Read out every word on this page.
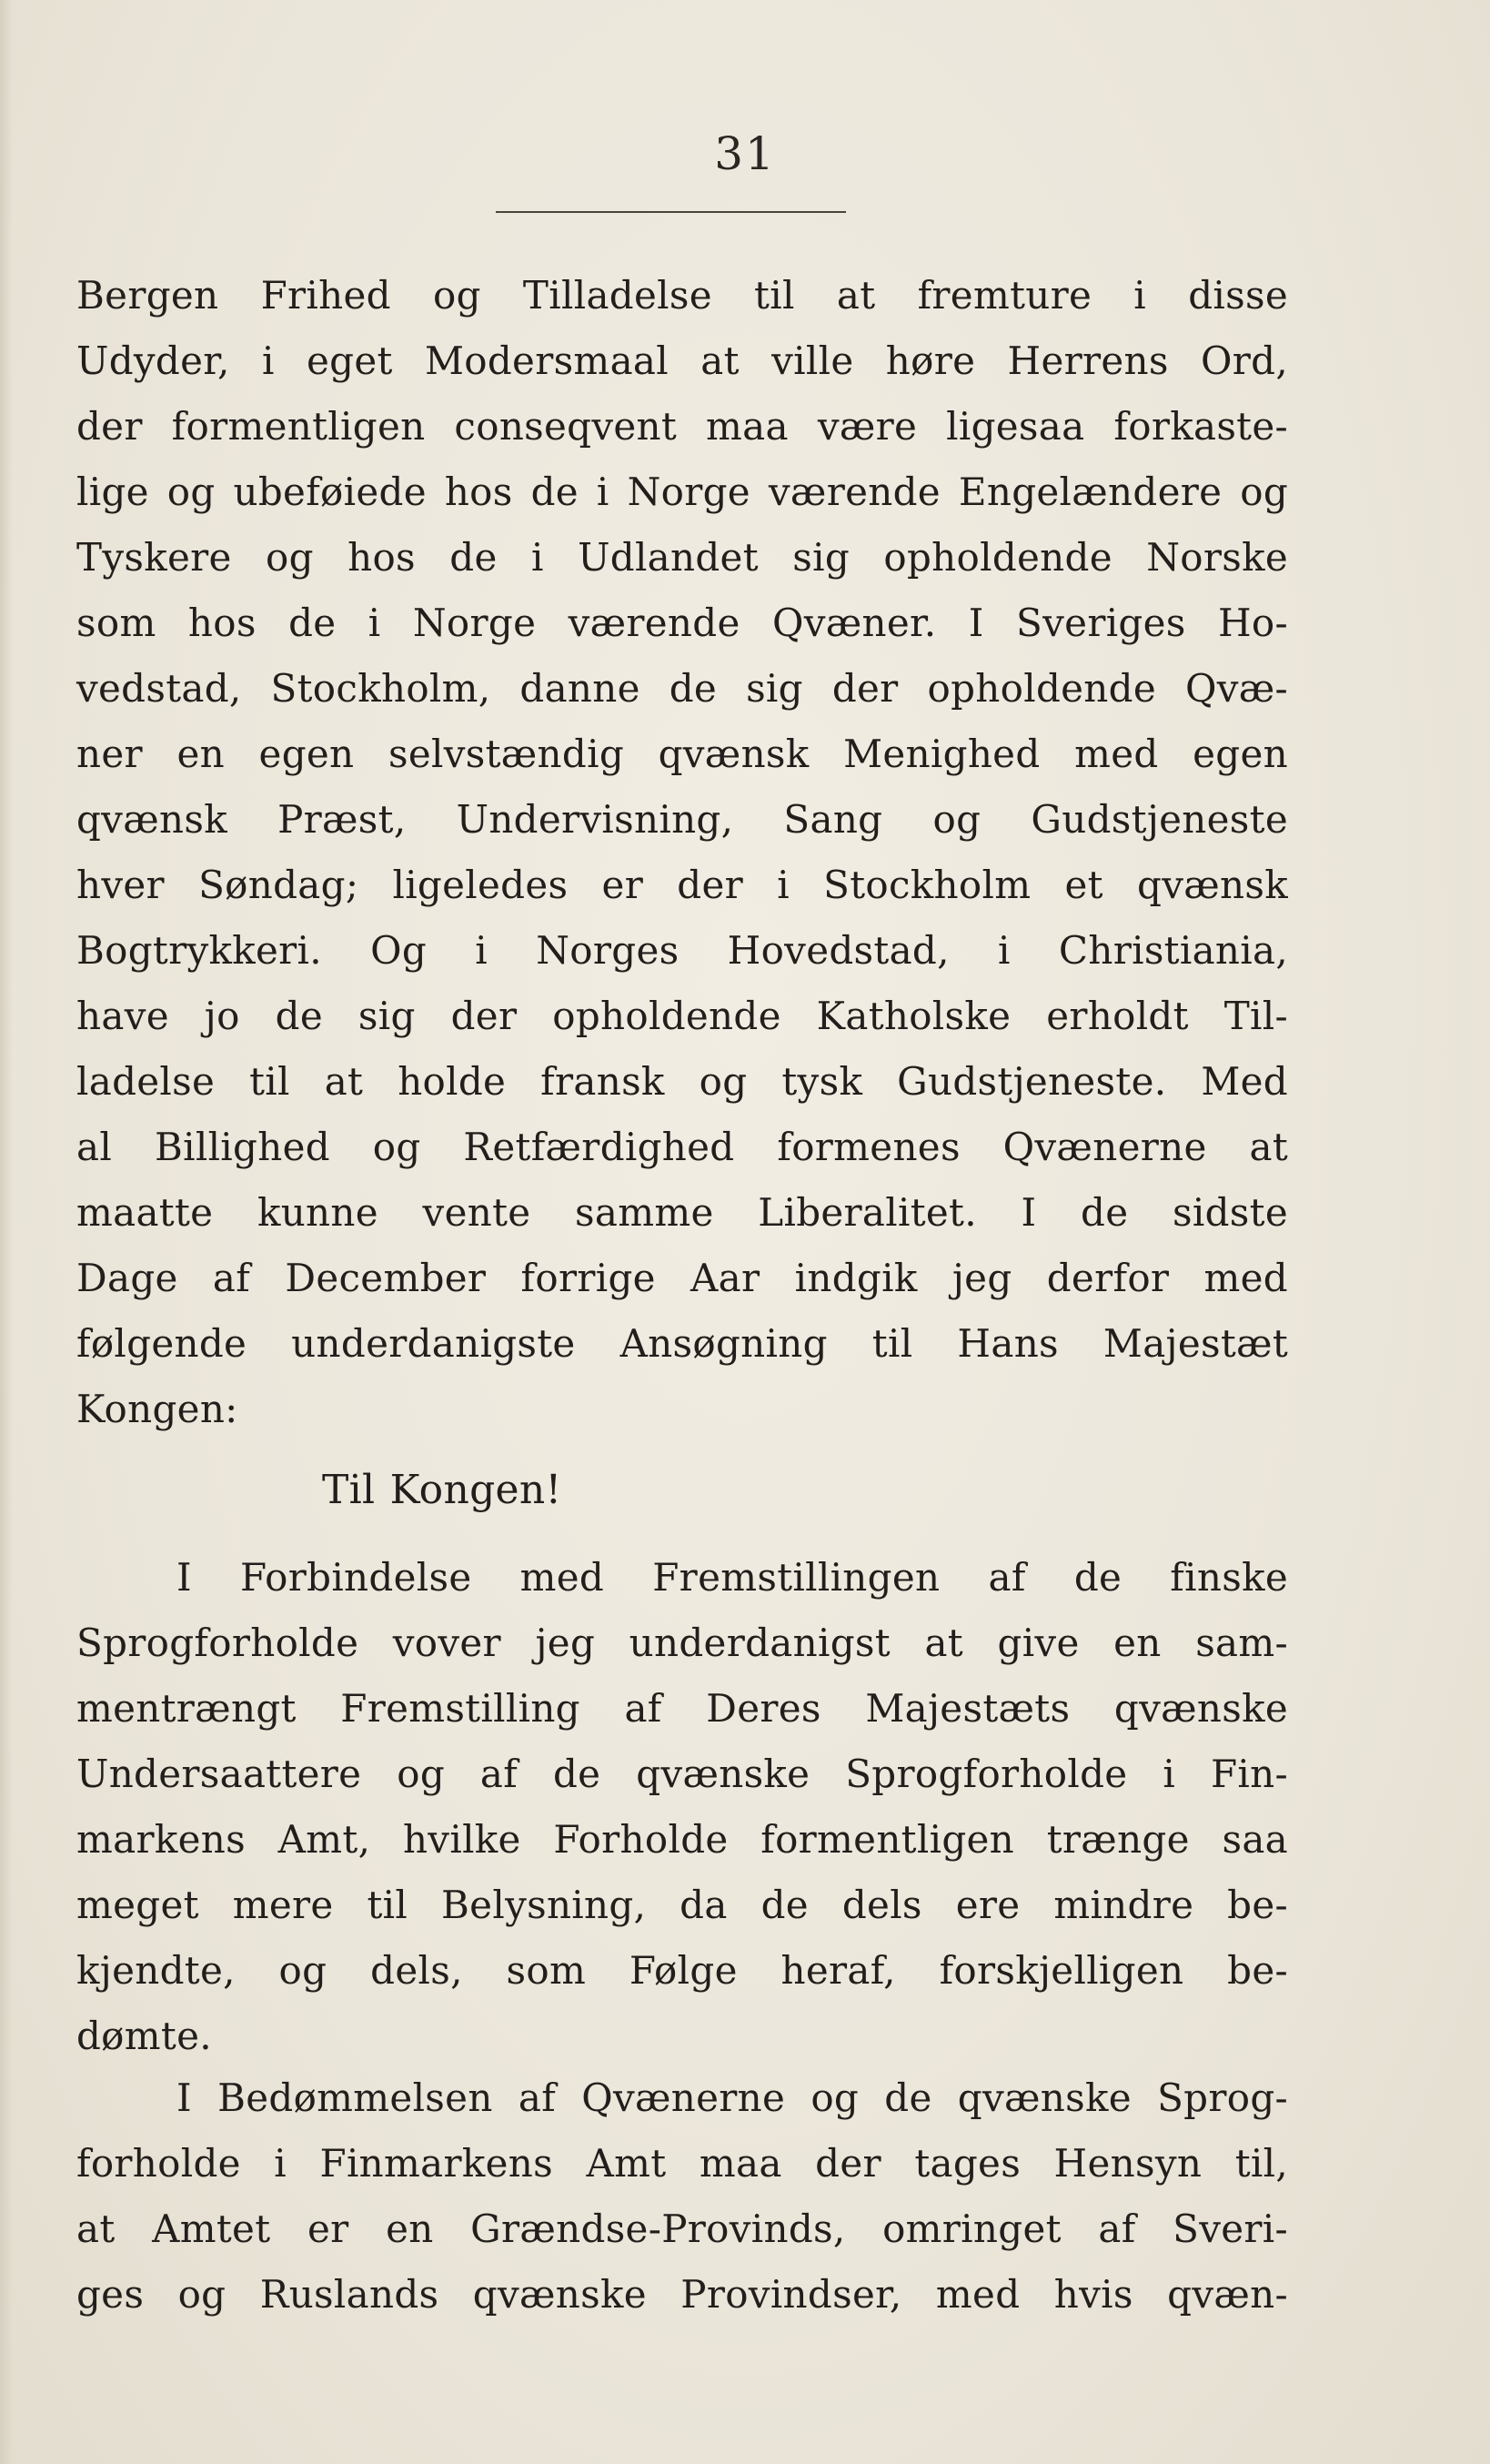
31
Bergen Frihed og Tilladelse til at fremture i disse
Udyder, i eget Modersmaal at ville høre Herrens Ord,
der formentligen conseqvent maa være ligesaa forkaste-
lige og ubeføiede hos de i Norge værende Engelændere og
Tyskere og hos de i Udlandet sig opholdende Norske
som hos de i Norge værende Qvæner. I Sveriges Ho-
vedstad, Stockholm, danne de sig der opholdende Qvæ-
ner en egen selvstændig qvænsk Menighed med egen
qvænsk Præst, Undervisning, Sang og Gudstjeneste
hver Søndag; ligeledes er der i Stockholm et qvænsk
Bogtrykkeri. Og i Norges Hovedstad, i Christiania,
have jo de sig der opholdende Katholske erholdt Til-
ladelse til at holde fransk og tysk Gudstjeneste. Med
al Billighed og Retfærdighed formenes Qvænerne at
maatte kunne vente samme Liberalitet. I de sidste
Dage af December forrige Aar indgik jeg derfor med
følgende underdanigste Ansøgning til Hans Majestæt
Kongen:
Til Kongen!
I Forbindelse med Fremstillingen af de finske
Sprogforholde vover jeg underdanigst at give en sam-
mentrængt Fremstilling af Deres Majestæts qvænske
Undersaattere og af de qvænske Sprogforholde i Fin-
markens Amt, hvilke Forholde formentligen trænge saa
meget mere til Belysning, da de dels ere mindre be-
kjendte, og dels, som Følge heraf, forskjelligen be-
dømte.
I Bedømmelsen af Qvænerne og de qvænske Sprog-
forholde i Finmarkens Amt maa der tages Hensyn til,
at Amtet er en Grændse-Provinds, omringet af Sveri-
ges og Ruslands qvænske Provindser, med hvis qvæn-
